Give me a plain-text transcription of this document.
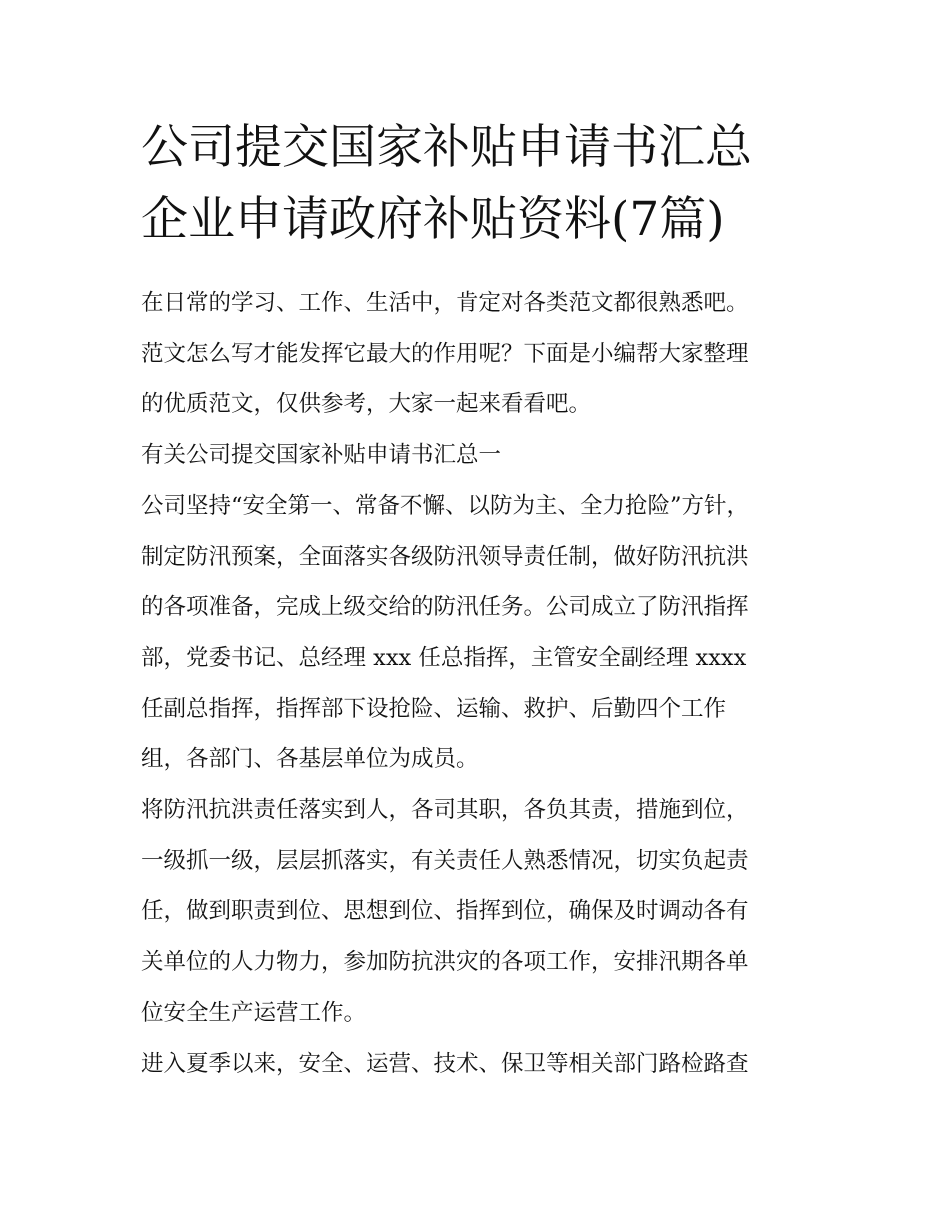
公司提交国家补贴申请书汇总
企业申请政府补贴资料(7篇)

在日常的学习、工作、生活中，肯定对各类范文都很熟悉吧。
范文怎么写才能发挥它最大的作用呢？下面是小编帮大家整理
的优质范文，仅供参考，大家一起来看看吧。

有关公司提交国家补贴申请书汇总一

公司坚持“安全第一、常备不懈、以防为主、全力抢险”方针，
制定防汛预案，全面落实各级防汛领导责任制，做好防汛抗洪
的各项准备，完成上级交给的防汛任务。公司成立了防汛指挥
部，党委书记、总经理 xxx 任总指挥，主管安全副经理 xxxx
任副总指挥，指挥部下设抢险、运输、救护、后勤四个工作
组，各部门、各基层单位为成员。

将防汛抗洪责任落实到人，各司其职，各负其责，措施到位，
一级抓一级，层层抓落实，有关责任人熟悉情况，切实负起责
任，做到职责到位、思想到位、指挥到位，确保及时调动各有
关单位的人力物力，参加防抗洪灾的各项工作，安排汛期各单
位安全生产运营工作。

进入夏季以来，安全、运营、技术、保卫等相关部门路检路查
